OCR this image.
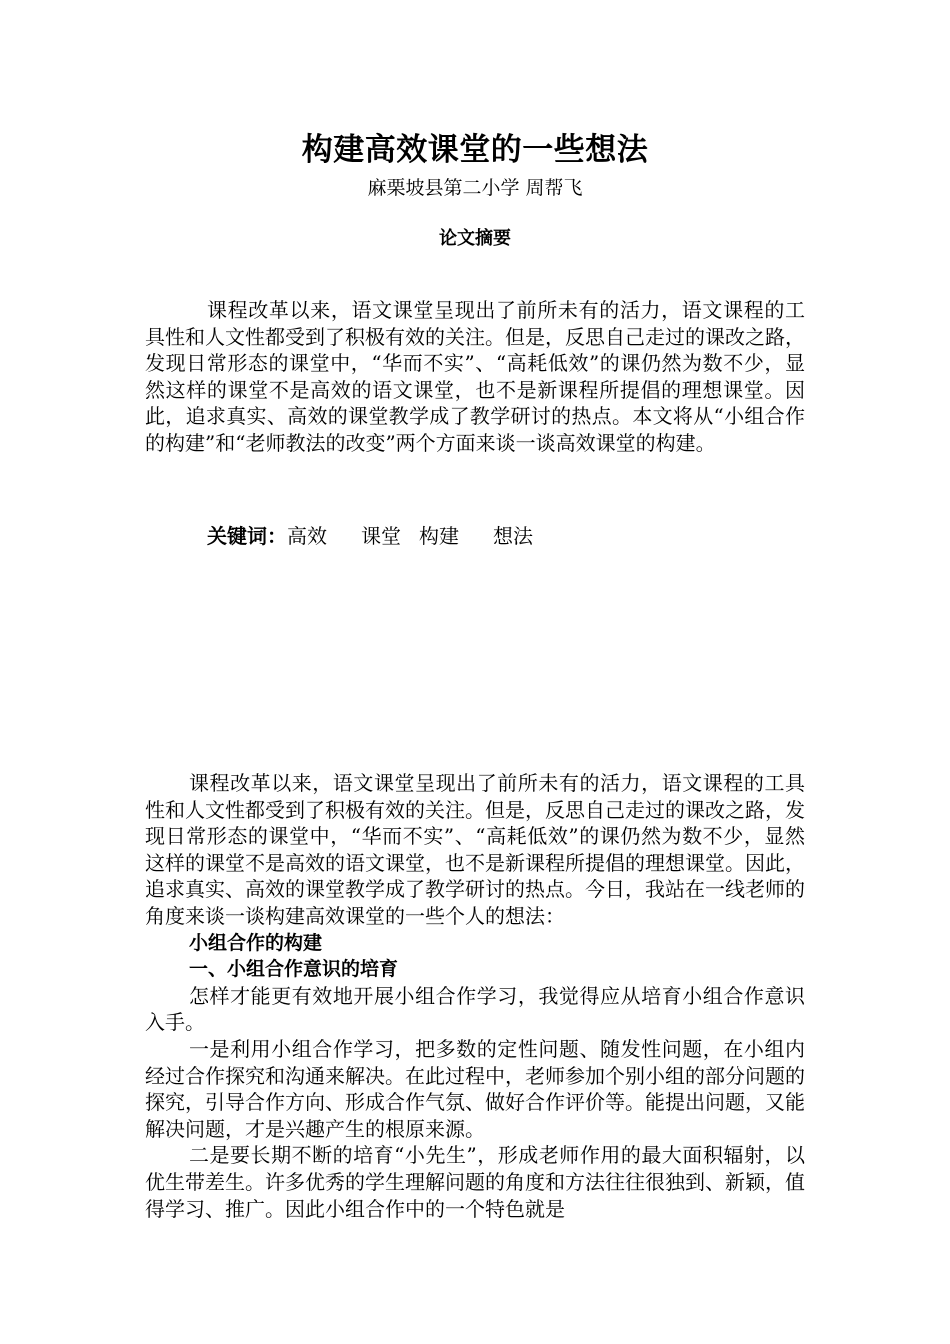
构建高效课堂的一些想法
麻栗坡县第二小学 周帮飞
论文摘要

课程改革以来，语文课堂呈现出了前所未有的活力，语文课程的工具性和人文性都受到了积极有效的关注。但是，反思自己走过的课改之路，发现日常形态的课堂中，“华而不实”、“高耗低效”的课仍然为数不少，显然这样的课堂不是高效的语文课堂，也不是新课程所提倡的理想课堂。因此，追求真实、高效的课堂教学成了教学研讨的热点。本文将从“小组合作的构建”和“老师教法的改变”两个方面来谈一谈高效课堂的构建。

关键词：高效 课堂 构建 想法

课程改革以来，语文课堂呈现出了前所未有的活力，语文课程的工具性和人文性都受到了积极有效的关注。但是，反思自己走过的课改之路，发现日常形态的课堂中，“华而不实”、“高耗低效”的课仍然为数不少，显然这样的课堂不是高效的语文课堂，也不是新课程所提倡的理想课堂。因此，追求真实、高效的课堂教学成了教学研讨的热点。今日，我站在一线老师的角度来谈一谈构建高效课堂的一些个人的想法：

小组合作的构建
一、小组合作意识的培育

怎样才能更有效地开展小组合作学习，我觉得应从培育小组合作意识入手。

一是利用小组合作学习，把多数的定性问题、随发性问题，在小组内经过合作探究和沟通来解决。在此过程中，老师参加个别小组的部分问题的探究，引导合作方向、形成合作气氛、做好合作评价等。能提出问题，又能解决问题，才是兴趣产生的根原来源。

二是要长期不断的培育“小先生”，形成老师作用的最大面积辐射，以优生带差生。许多优秀的学生理解问题的角度和方法往往很独到、新颖，值得学习、推广。因此小组合作中的一个特色就是
